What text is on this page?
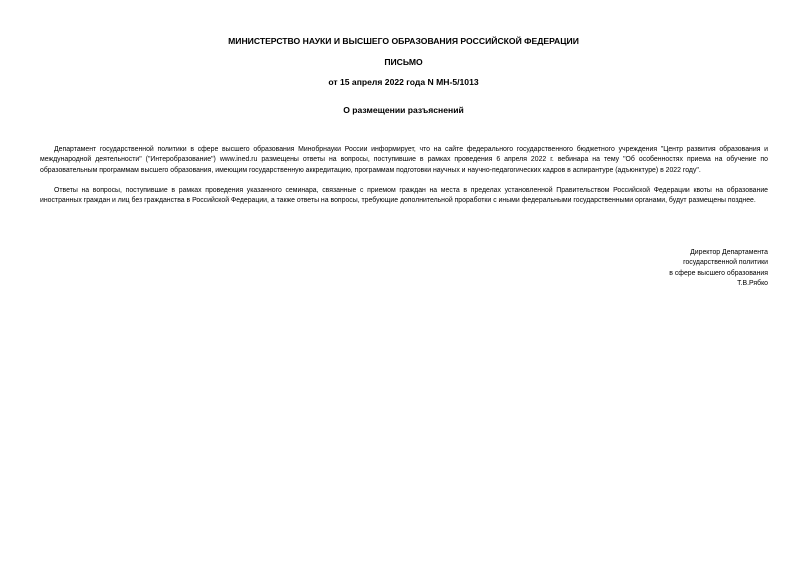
МИНИСТЕРСТВО НАУКИ И ВЫСШЕГО ОБРАЗОВАНИЯ РОССИЙСКОЙ ФЕДЕРАЦИИ
ПИСЬМО
от 15 апреля 2022 года N МН-5/1013
О размещении разъяснений

Департамент государственной политики в сфере высшего образования Минобрнауки России информирует, что на сайте федерального государственного бюджетного учреждения "Центр развития образования и международной деятельности" ("Интеробразование") www.ined.ru размещены ответы на вопросы, поступившие в рамках проведения 6 апреля 2022 г. вебинара на тему "Об особенностях приема на обучение по образовательным программам высшего образования, имеющим государственную аккредитацию, программам подготовки научных и научно-педагогических кадров в аспирантуре (адъюнктуре) в 2022 году".

Ответы на вопросы, поступившие в рамках проведения указанного семинара, связанные с приемом граждан на места в пределах установленной Правительством Российской Федерации квоты на образование иностранных граждан и лиц без гражданства в Российской Федерации, а также ответы на вопросы, требующие дополнительной проработки с иными федеральными государственными органами, будут размещены позднее.

Директор Департамента
государственной политики
в сфере высшего образования
Т.В.Рябко
